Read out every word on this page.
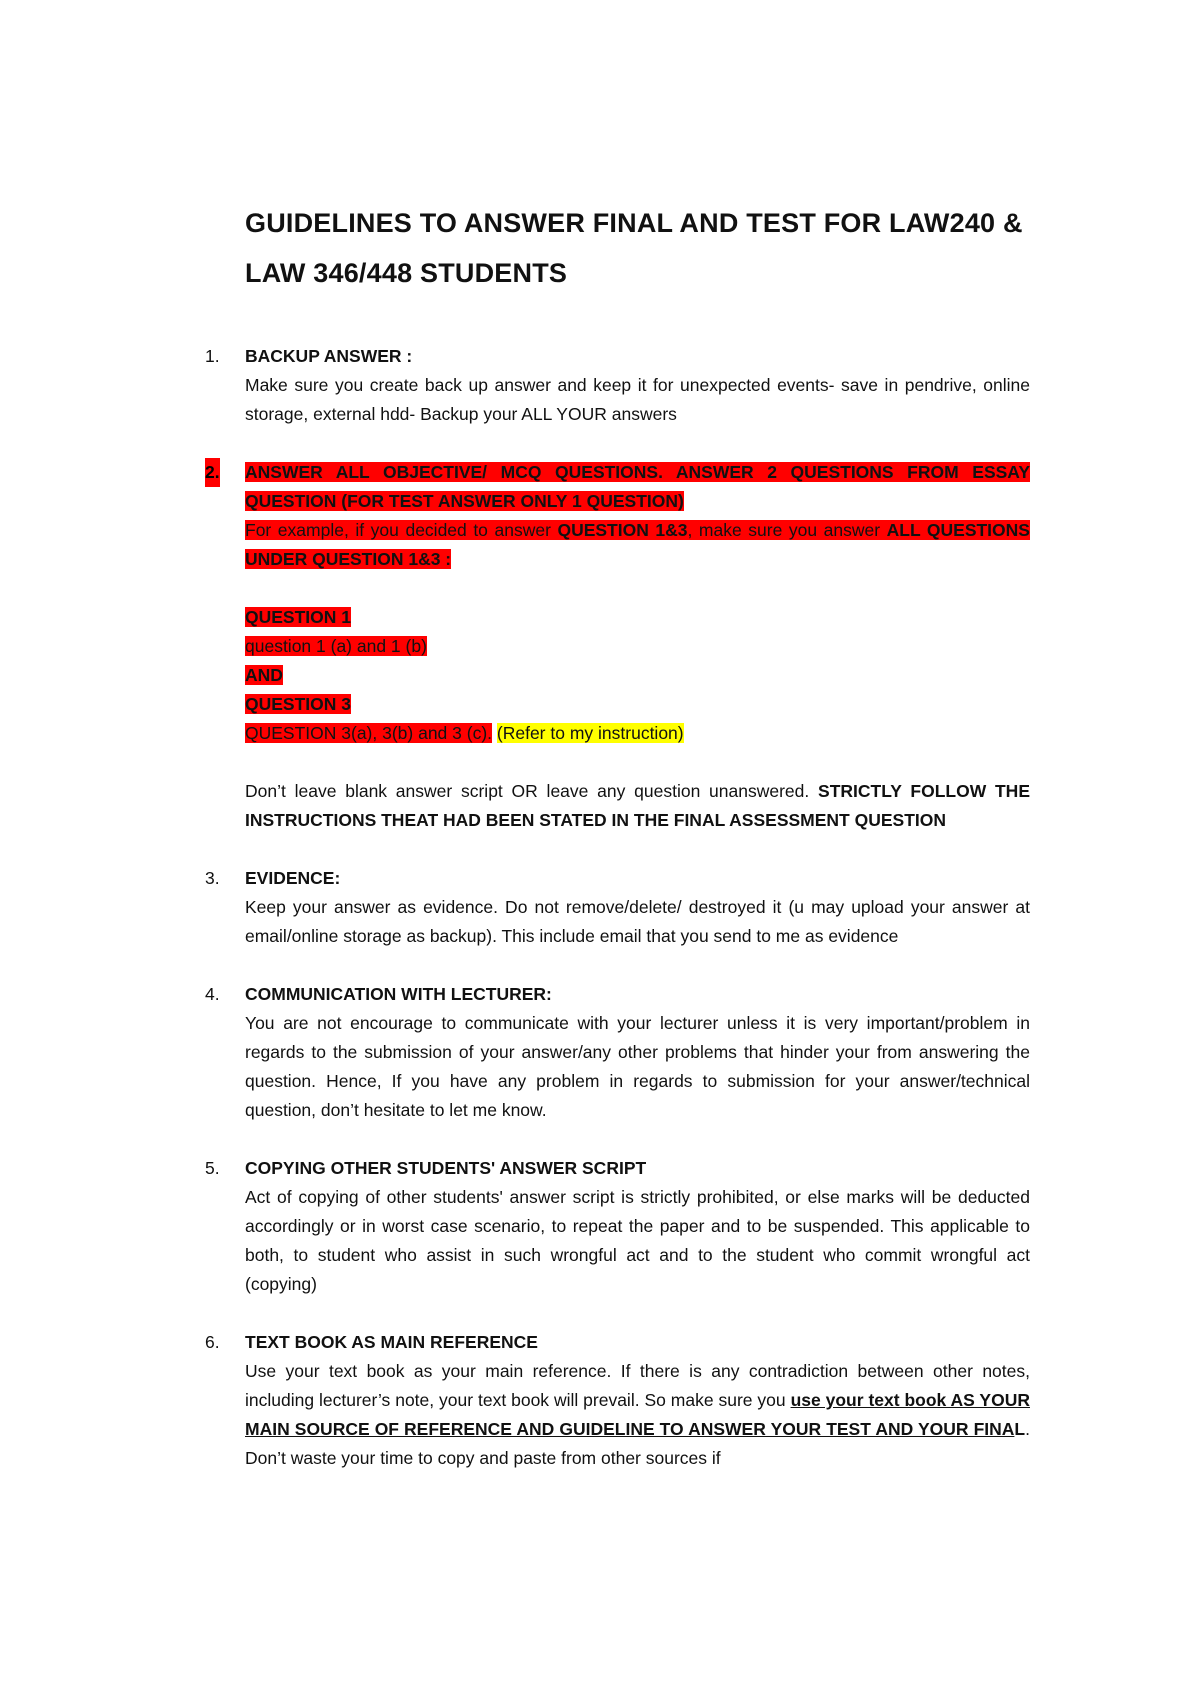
GUIDELINES TO ANSWER FINAL AND TEST FOR LAW240 & LAW 346/448 STUDENTS
1. BACKUP ANSWER :
Make sure you create back up answer and keep it for unexpected events- save in pendrive, online storage, external hdd- Backup your ALL YOUR answers
2. ANSWER ALL OBJECTIVE/ MCQ QUESTIONS. ANSWER 2 QUESTIONS FROM ESSAY QUESTION (FOR TEST ANSWER ONLY 1 QUESTION)
For example, if you decided to answer QUESTION 1&3, make sure you answer ALL QUESTIONS UNDER QUESTION 1&3 :
QUESTION 1
question 1 (a) and 1 (b)
AND
QUESTION 3
QUESTION 3(a), 3(b) and 3 (c). (Refer to my instruction)
Don’t leave blank answer script OR leave any question unanswered. STRICTLY FOLLOW THE INSTRUCTIONS THEAT HAD BEEN STATED IN THE FINAL ASSESSMENT QUESTION
3. EVIDENCE:
Keep your answer as evidence. Do not remove/delete/ destroyed it (u may upload your answer at email/online storage as backup). This include email that you send to me as evidence
4. COMMUNICATION WITH LECTURER:
You are not encourage to communicate with your lecturer unless it is very important/problem in regards to the submission of your answer/any other problems that hinder your from answering the question. Hence, If you have any problem in regards to submission for your answer/technical question, don’t hesitate to let me know.
5. COPYING OTHER STUDENTS' ANSWER SCRIPT
Act of copying of other students' answer script is strictly prohibited, or else marks will be deducted accordingly or in worst case scenario, to repeat the paper and to be suspended. This applicable to both, to student who assist in such wrongful act and to the student who commit wrongful act (copying)
6. TEXT BOOK AS MAIN REFERENCE
Use your text book as your main reference. If there is any contradiction between other notes, including lecturer’s note, your text book will prevail. So make sure you use your text book AS YOUR MAIN SOURCE OF REFERENCE AND GUIDELINE TO ANSWER YOUR TEST AND YOUR FINAL. Don’t waste your time to copy and paste from other sources if
